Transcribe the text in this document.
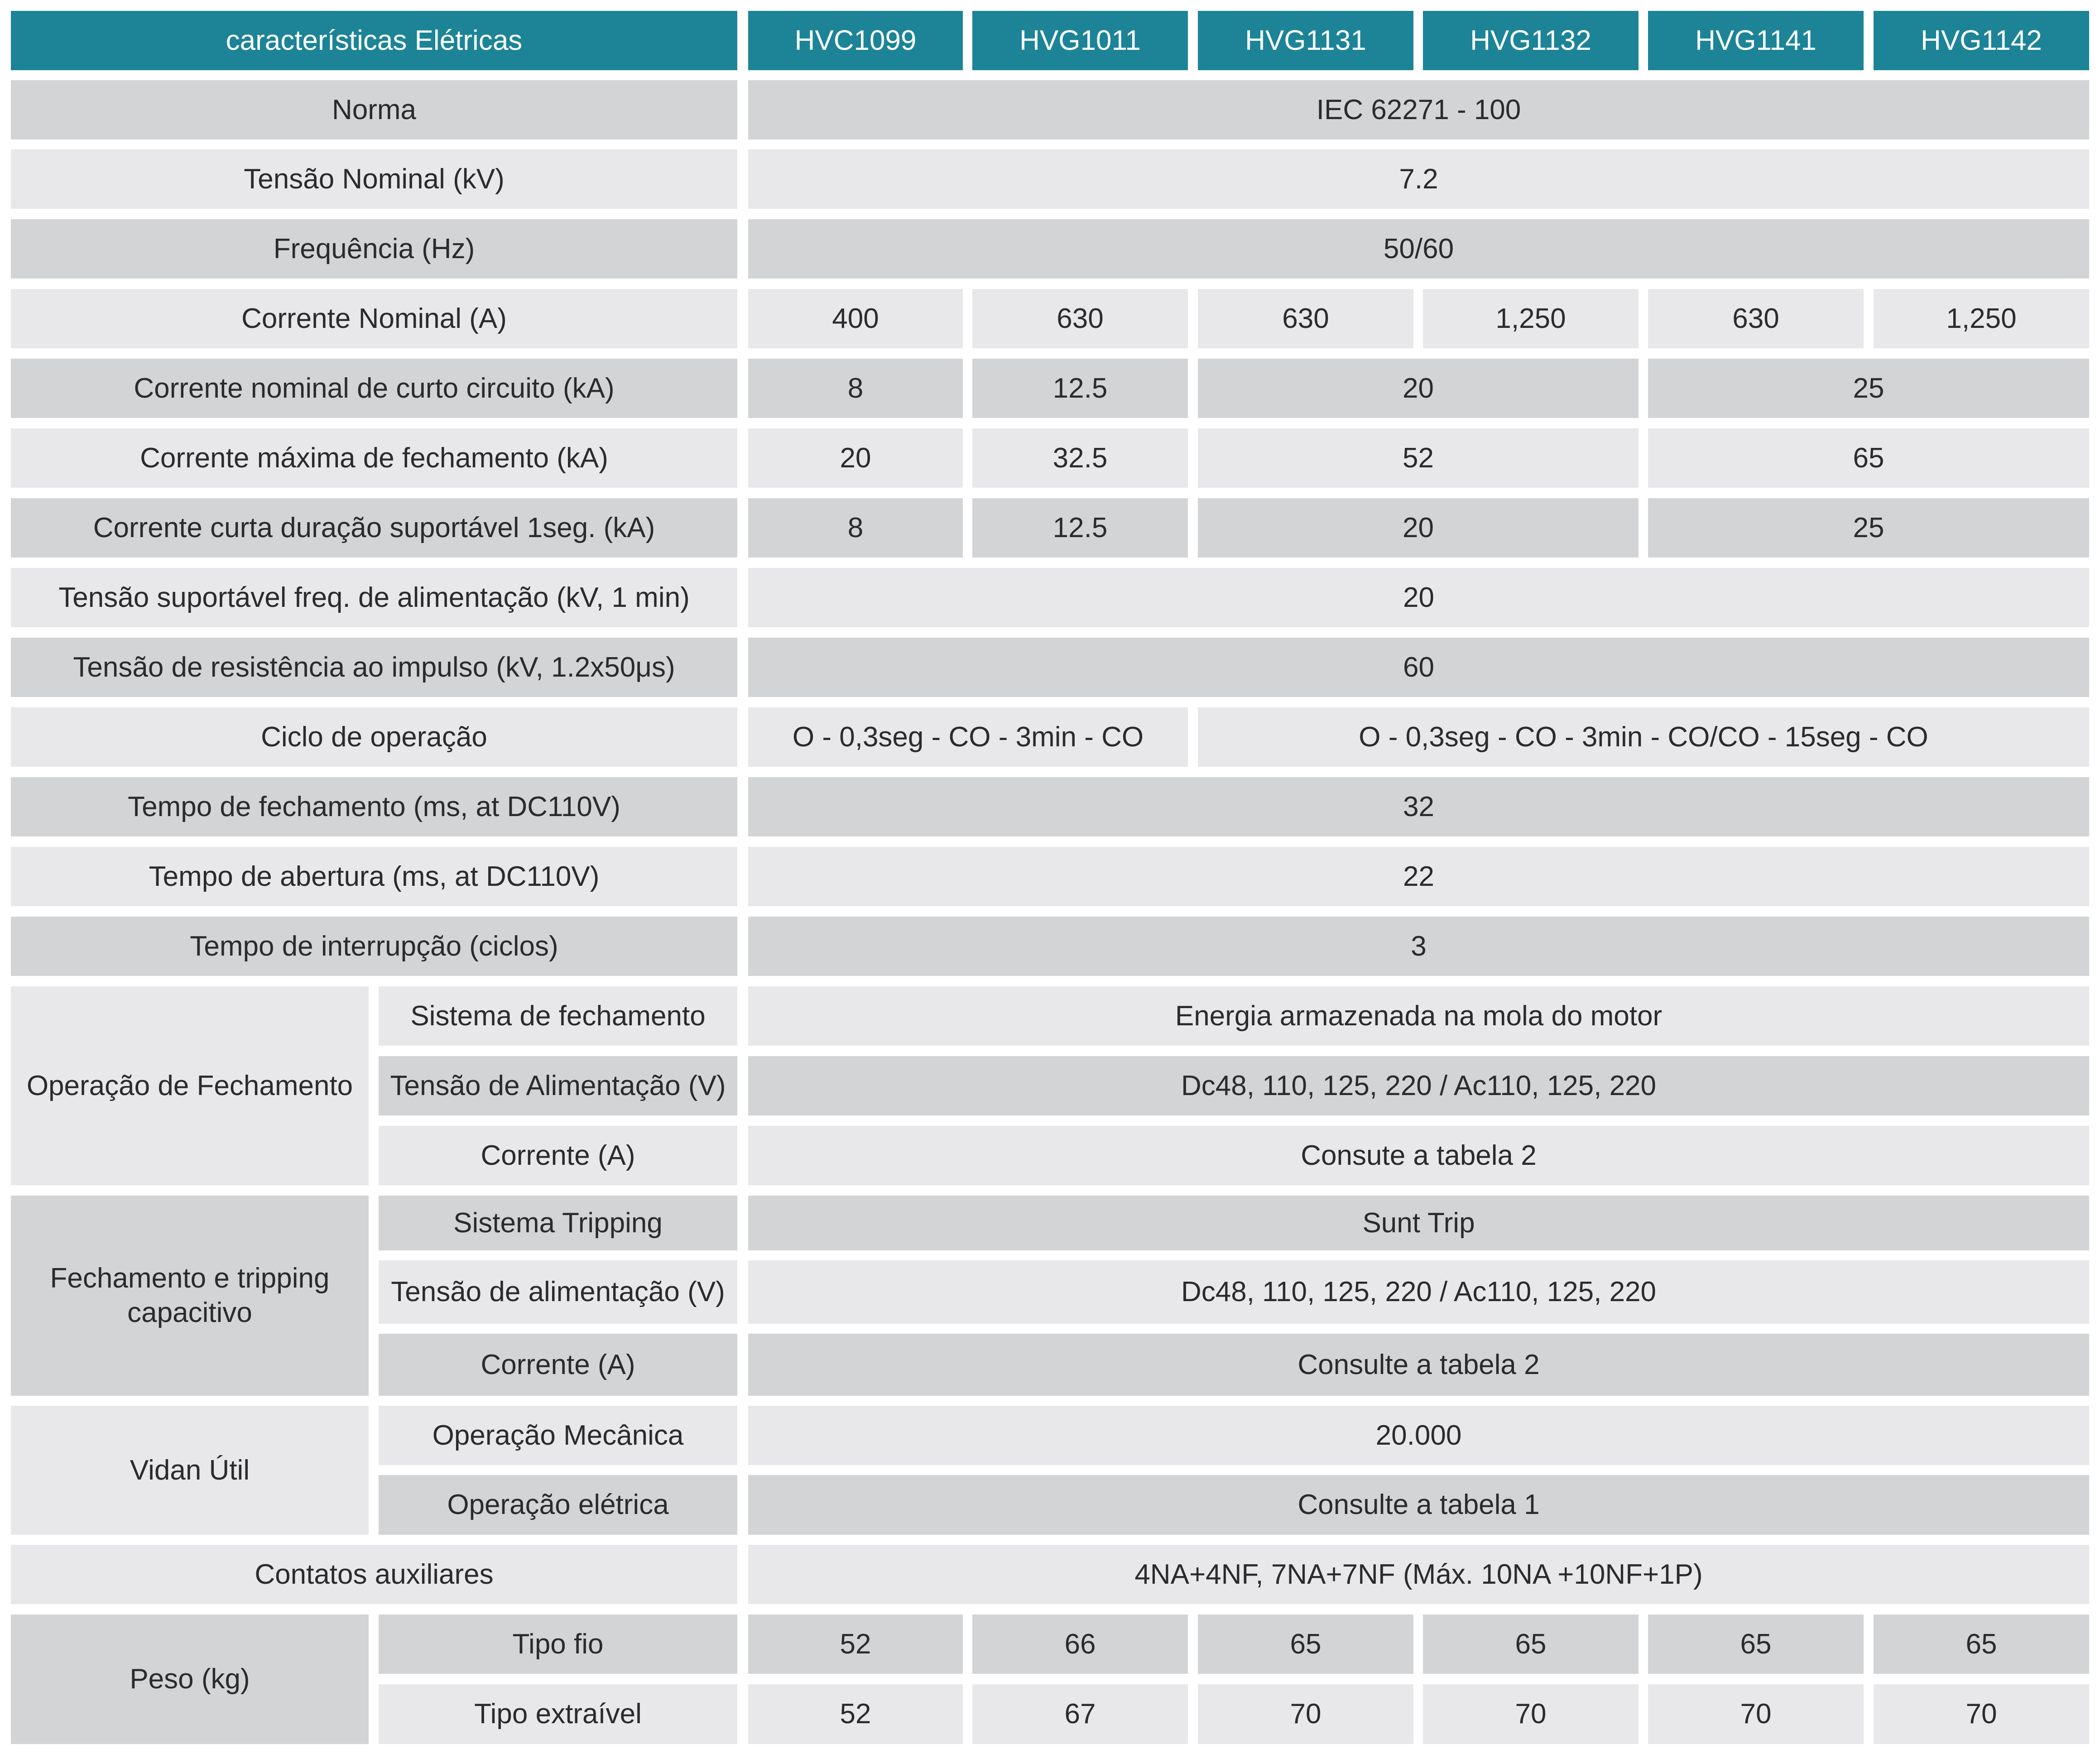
características Elétricas	HVC1099	HVG1011	HVG1131	HVG1132	HVG1141	HVG1142
Norma	IEC 62271 - 100
Tensão Nominal (kV)	7.2
Frequência (Hz)	50/60
Corrente Nominal (A)	400	630	630	1,250	630	1,250
Corrente nominal de curto circuito (kA)	8	12.5	20	25
Corrente máxima de fechamento (kA)	20	32.5	52	65
Corrente curta duração suportável 1seg. (kA)	8	12.5	20	25
Tensão suportável freq. de alimentação (kV, 1 min)	20
Tensão de resistência ao impulso (kV, 1.2x50μs)	60
Ciclo de operação	O - 0,3seg - CO - 3min - CO	O - 0,3seg - CO - 3min - CO/CO - 15seg - CO
Tempo de fechamento (ms, at DC110V)	32
Tempo de abertura (ms, at DC110V)	22
Tempo de interrupção (ciclos)	3
Operação de Fechamento
Sistema de fechamento	Energia armazenada na mola do motor
Tensão de Alimentação (V)	Dc48, 110, 125, 220 / Ac110, 125, 220
Corrente (A)	Consute a tabela 2
Fechamento e tripping capacitivo
Sistema Tripping	Sunt Trip
Tensão de alimentação (V)	Dc48, 110, 125, 220 / Ac110, 125, 220
Corrente (A)	Consulte a tabela 2
Vidan Útil
Operação Mecânica	20.000
Operação elétrica	Consulte a tabela 1
Contatos auxiliares	4NA+4NF, 7NA+7NF (Máx. 10NA +10NF+1P)
Peso (kg)
Tipo fio	52	66	65	65	65	65
Tipo extraível	52	67	70	70	70	70
